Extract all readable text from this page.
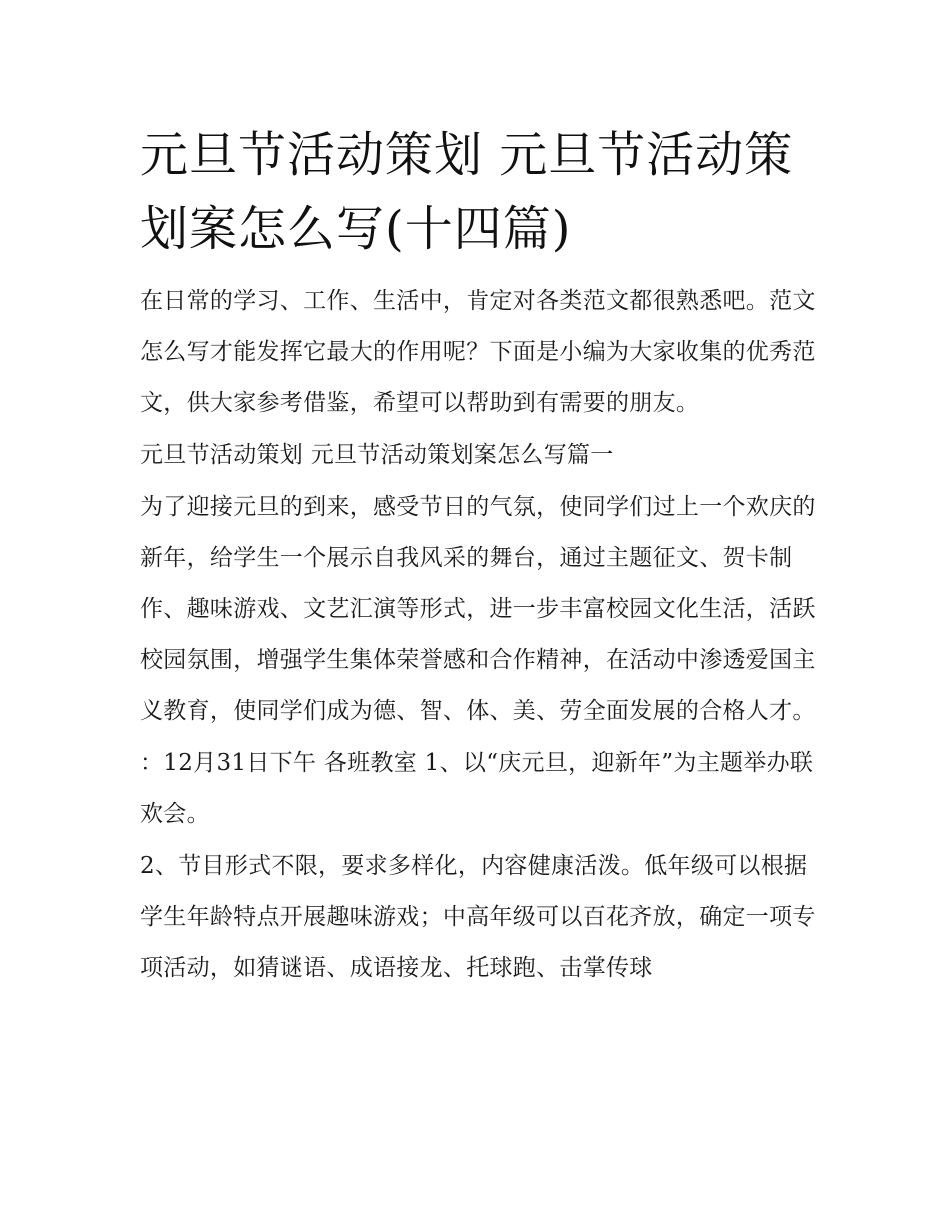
元旦节活动策划 元旦节活动策划案怎么写(十四篇)

在日常的学习、工作、生活中，肯定对各类范文都很熟悉吧。范文怎么写才能发挥它最大的作用呢？下面是小编为大家收集的优秀范文，供大家参考借鉴，希望可以帮助到有需要的朋友。

元旦节活动策划 元旦节活动策划案怎么写篇一

为了迎接元旦的到来，感受节日的气氛，使同学们过上一个欢庆的新年，给学生一个展示自我风采的舞台，通过主题征文、贺卡制作、趣味游戏、文艺汇演等形式，进一步丰富校园文化生活，活跃校园氛围，增强学生集体荣誉感和合作精神，在活动中渗透爱国主义教育，使同学们成为德、智、体、美、劳全面发展的合格人才。

：12月31日下午 各班教室 1、以“庆元旦，迎新年”为主题举办联欢会。

2、节目形式不限，要求多样化，内容健康活泼。低年级可以根据学生年龄特点开展趣味游戏；中高年级可以百花齐放，确定一项专项活动，如猜谜语、成语接龙、托球跑、击掌传球
